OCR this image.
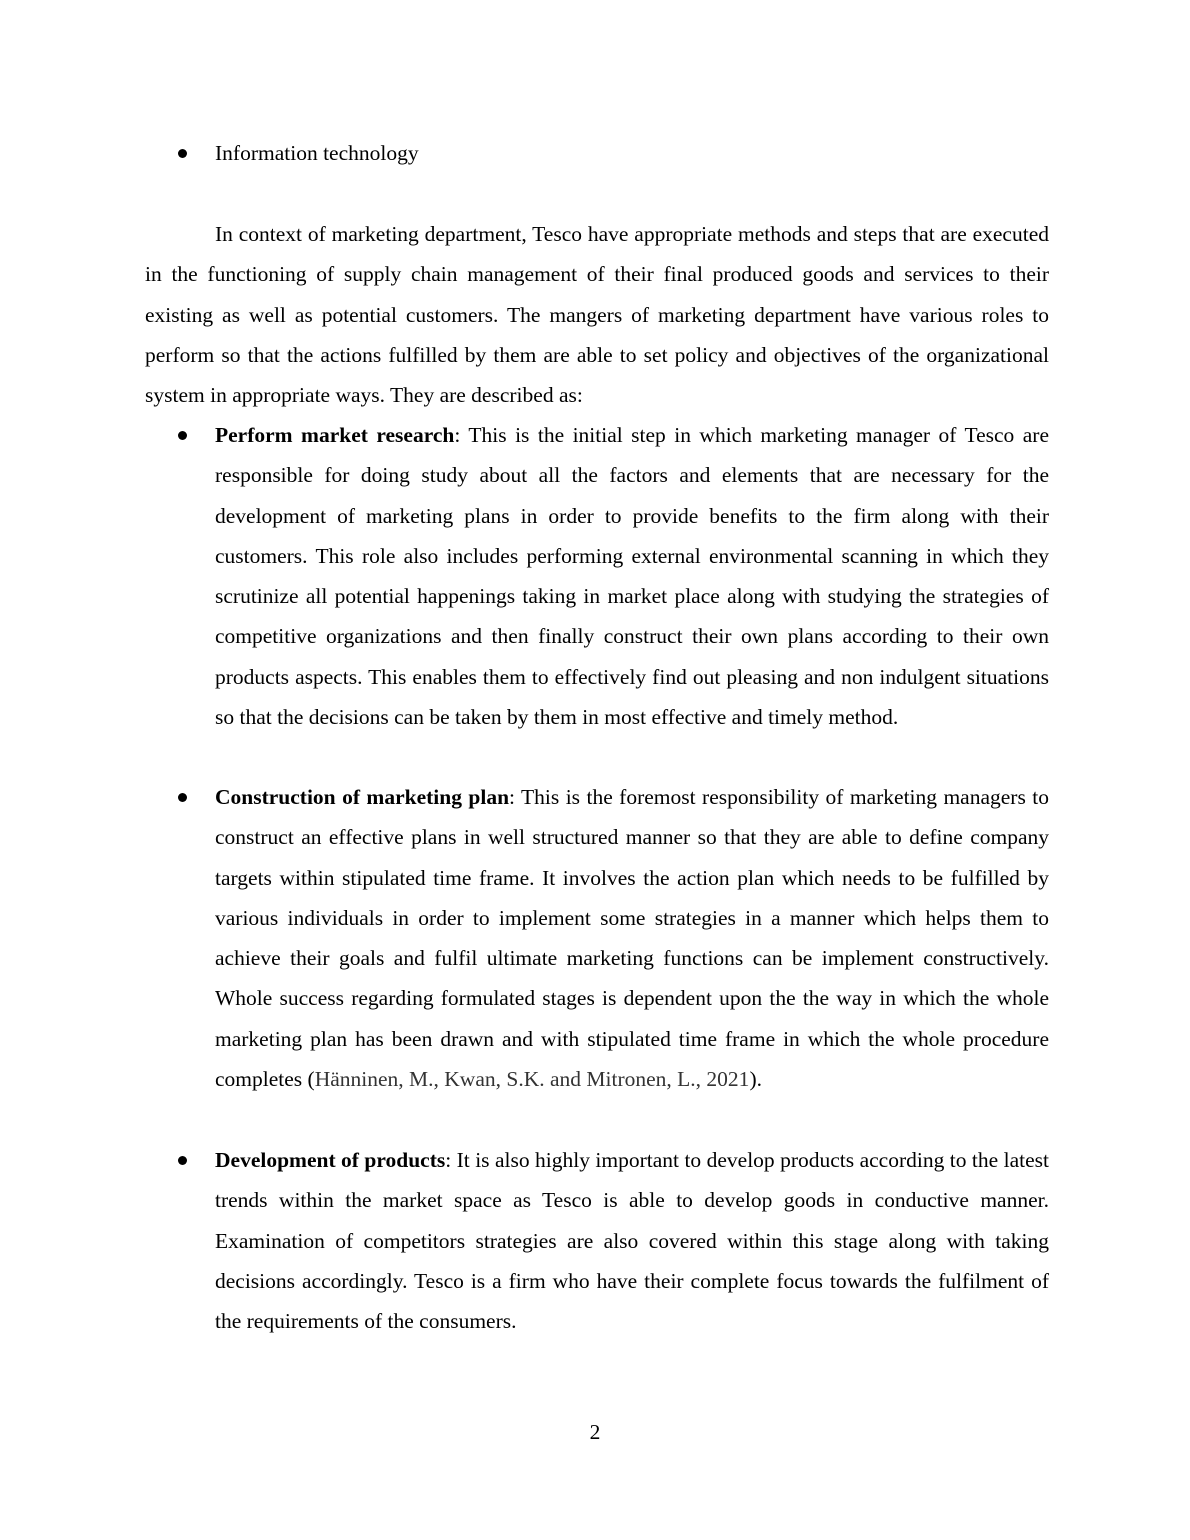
Information technology

In context of marketing department, Tesco have appropriate methods and steps that are executed in the functioning of supply chain management of their final produced goods and services to their existing as well as potential customers. The mangers of marketing department have various roles to perform so that the actions fulfilled by them are able to set policy and objectives of the organizational system in appropriate ways. They are described as:

Perform market research: This is the initial step in which marketing manager of Tesco are responsible for doing study about all the factors and elements that are necessary for the development of marketing plans in order to provide benefits to the firm along with their customers. This role also includes performing external environmental scanning in which they scrutinize all potential happenings taking in market place along with studying the strategies of competitive organizations and then finally construct their own plans according to their own products aspects. This enables them to effectively find out pleasing and non indulgent situations so that the decisions can be taken by them in most effective and timely method.
Construction of marketing plan: This is the foremost responsibility of marketing managers to construct an effective plans in well structured manner so that they are able to define company targets within stipulated time frame. It involves the action plan which needs to be fulfilled by various individuals in order to implement some strategies in a manner which helps them to achieve their goals and fulfil ultimate marketing functions can be implement constructively. Whole success regarding formulated stages is dependent upon the the way in which the whole marketing plan has been drawn and with stipulated time frame in which the whole procedure completes (Hänninen, M., Kwan, S.K. and Mitronen, L., 2021).
Development of products: It is also highly important to develop products according to the latest trends within the market space as Tesco is able to develop goods in conductive manner. Examination of competitors strategies are also covered within this stage along with taking decisions accordingly. Tesco is a firm who have their complete focus towards the fulfilment of the requirements of the consumers.
2
